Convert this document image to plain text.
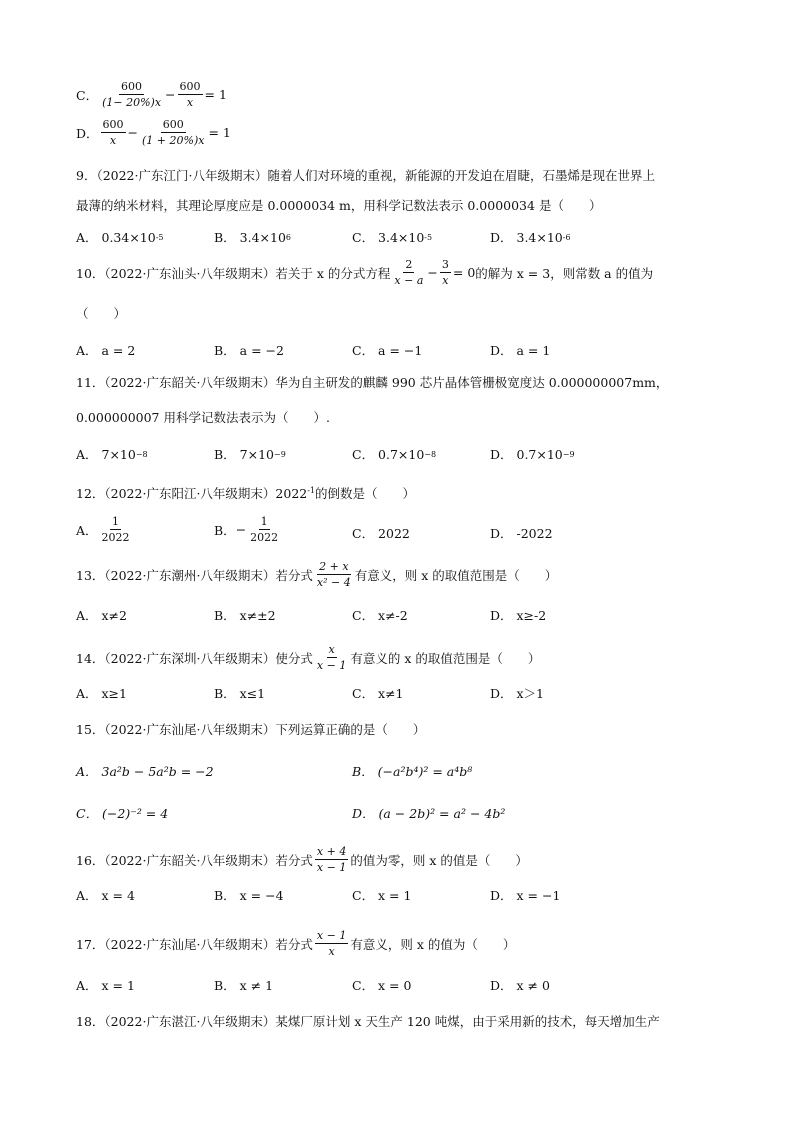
C． $\frac{600}{(1- 20\%)x} - \frac{600}{x} = 1$
D． $\frac{600}{x} - \frac{600}{(1 + 20\%)x} = 1$
9．（2022·广东江门·八年级期末）随着人们对环境的重视，新能源的开发迫在眉睫，石墨烯是现在世界上
最薄的纳米材料，其理论厚度应是 0.0000034 m，用科学记数法表示 0.0000034 是（　　）
A． 0.34×10 -5	B． 3.4×10 6	C． 3.4×10 -5	D． 3.4×10 -6
10．（2022·广东汕头·八年级期末）若关于 x 的分式方程 $\frac{2}{x - a} - \frac{3}{x} = 0$ 的解为 x = 3，则常数 a 的值为
（　　）
A． a = 2	B． a = −2	C． a = −1	D． a = 1
11．（2022·广东韶关·八年级期末）华为自主研发的麒麟 990 芯片晶体管栅极宽度达 0.000000007mm，
0.000000007 用科学记数法表示为（　　）.
A． 7×10 −8	B． 7×10 −9	C． 0.7×10 −8	D． 0.7×10 −9
12．（2022·广东阳江·八年级期末）$2022^{-1}$的倒数是（　　）
A． $\frac{1}{2022}$	B． − $\frac{1}{2022}$	C． 2022	D． -2022
13．（2022·广东潮州·八年级期末）若分式 $\frac{2 + x}{\text{x² − 4}}$ 有意义，则 x 的取值范围是（　　）
A． x≠2	B． x≠±2	C． x≠-2	D． x≥-2
14．（2022·广东深圳·八年级期末）使分式 $\frac{x}{x - 1}$ 有意义的 x 的取值范围是（　　）
A． x≥1	B． x≤1	C． x≠1	D． x＞1
15．（2022·广东汕尾·八年级期末）下列运算正确的是（　　）
A． 3a²b − 5a²b = −2	B． (−a²b⁴)² = a⁴b⁸
C． (−2)⁻² = 4	D． (a − 2b)² = a² − 4b²
16．（2022·广东韶关·八年级期末）若分式 $\frac{x + 4}{x - 1}$ 的值为零，则 x 的值是（　　）
A． x = 4	B． x = −4	C． x = 1	D． x = −1
17．（2022·广东汕尾·八年级期末）若分式 $\frac{x - 1}{x}$ 有意义，则 x 的值为（　　）
A． x = 1	B． x ≠ 1	C． x = 0	D． x ≠ 0
18．（2022·广东湛江·八年级期末）某煤厂原计划 x 天生产 120 吨煤，由于采用新的技术，每天增加生产
